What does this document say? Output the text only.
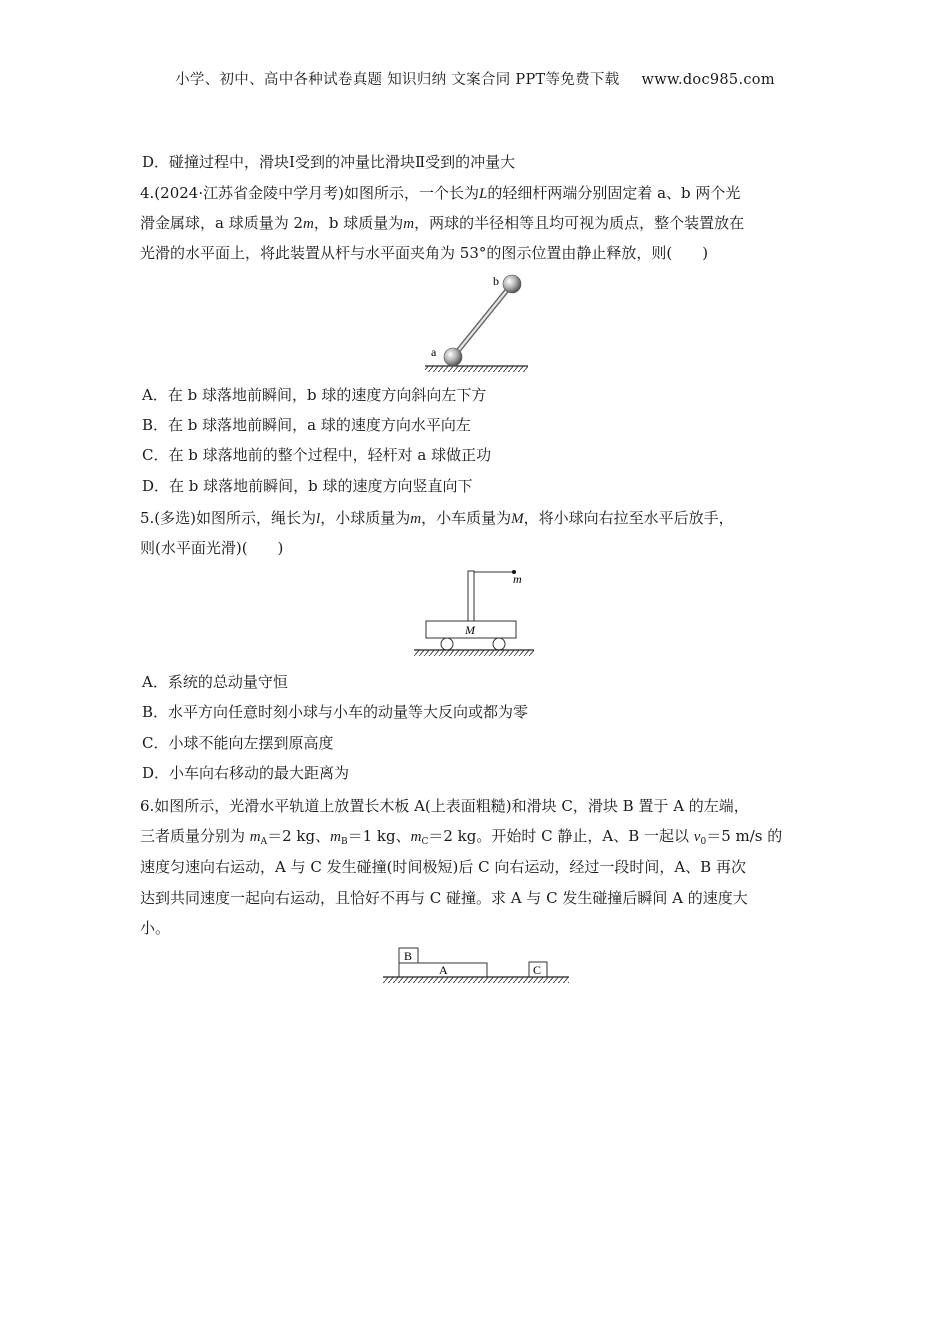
小学、初中、高中各种试卷真题 知识归纳 文案合同 PPT等免费下载 www.doc985.com
D．碰撞过程中，滑块Ⅰ受到的冲量比滑块Ⅱ受到的冲量大
4.(2024·江苏省金陵中学月考)如图所示，一个长为L的轻细杆两端分别固定着 a、b 两个光
滑金属球，a 球质量为 2m，b 球质量为m，两球的半径相等且均可视为质点，整个装置放在
光滑的水平面上，将此装置从杆与水平面夹角为 53°的图示位置由静止释放，则(　　)
a
b
A．在 b 球落地前瞬间，b 球的速度方向斜向左下方
B．在 b 球落地前瞬间，a 球的速度方向水平向左
C．在 b 球落地前的整个过程中，轻杆对 a 球做正功
D．在 b 球落地前瞬间，b 球的速度方向竖直向下
5.(多选)如图所示，绳长为l，小球质量为m，小车质量为M，将小球向右拉至水平后放手，
则(水平面光滑)(　　)
m
M
A．系统的总动量守恒
B．水平方向任意时刻小球与小车的动量等大反向或都为零
C．小球不能向左摆到原高度
D．小车向右移动的最大距离为
6.如图所示，光滑水平轨道上放置长木板 A(上表面粗糙)和滑块 C，滑块 B 置于 A 的左端，
三者质量分别为 $m_A=2$ kg、$m_B=1$ kg、$m_C=2$ kg。开始时 C 静止，A、B 一起以 $v_0=5$ m/s 的
速度匀速向右运动，A 与 C 发生碰撞(时间极短)后 C 向右运动，经过一段时间，A、B 再次
达到共同速度一起向右运动，且恰好不再与 C 碰撞。求 A 与 C 发生碰撞后瞬间 A 的速度大
小。
B
A	C
